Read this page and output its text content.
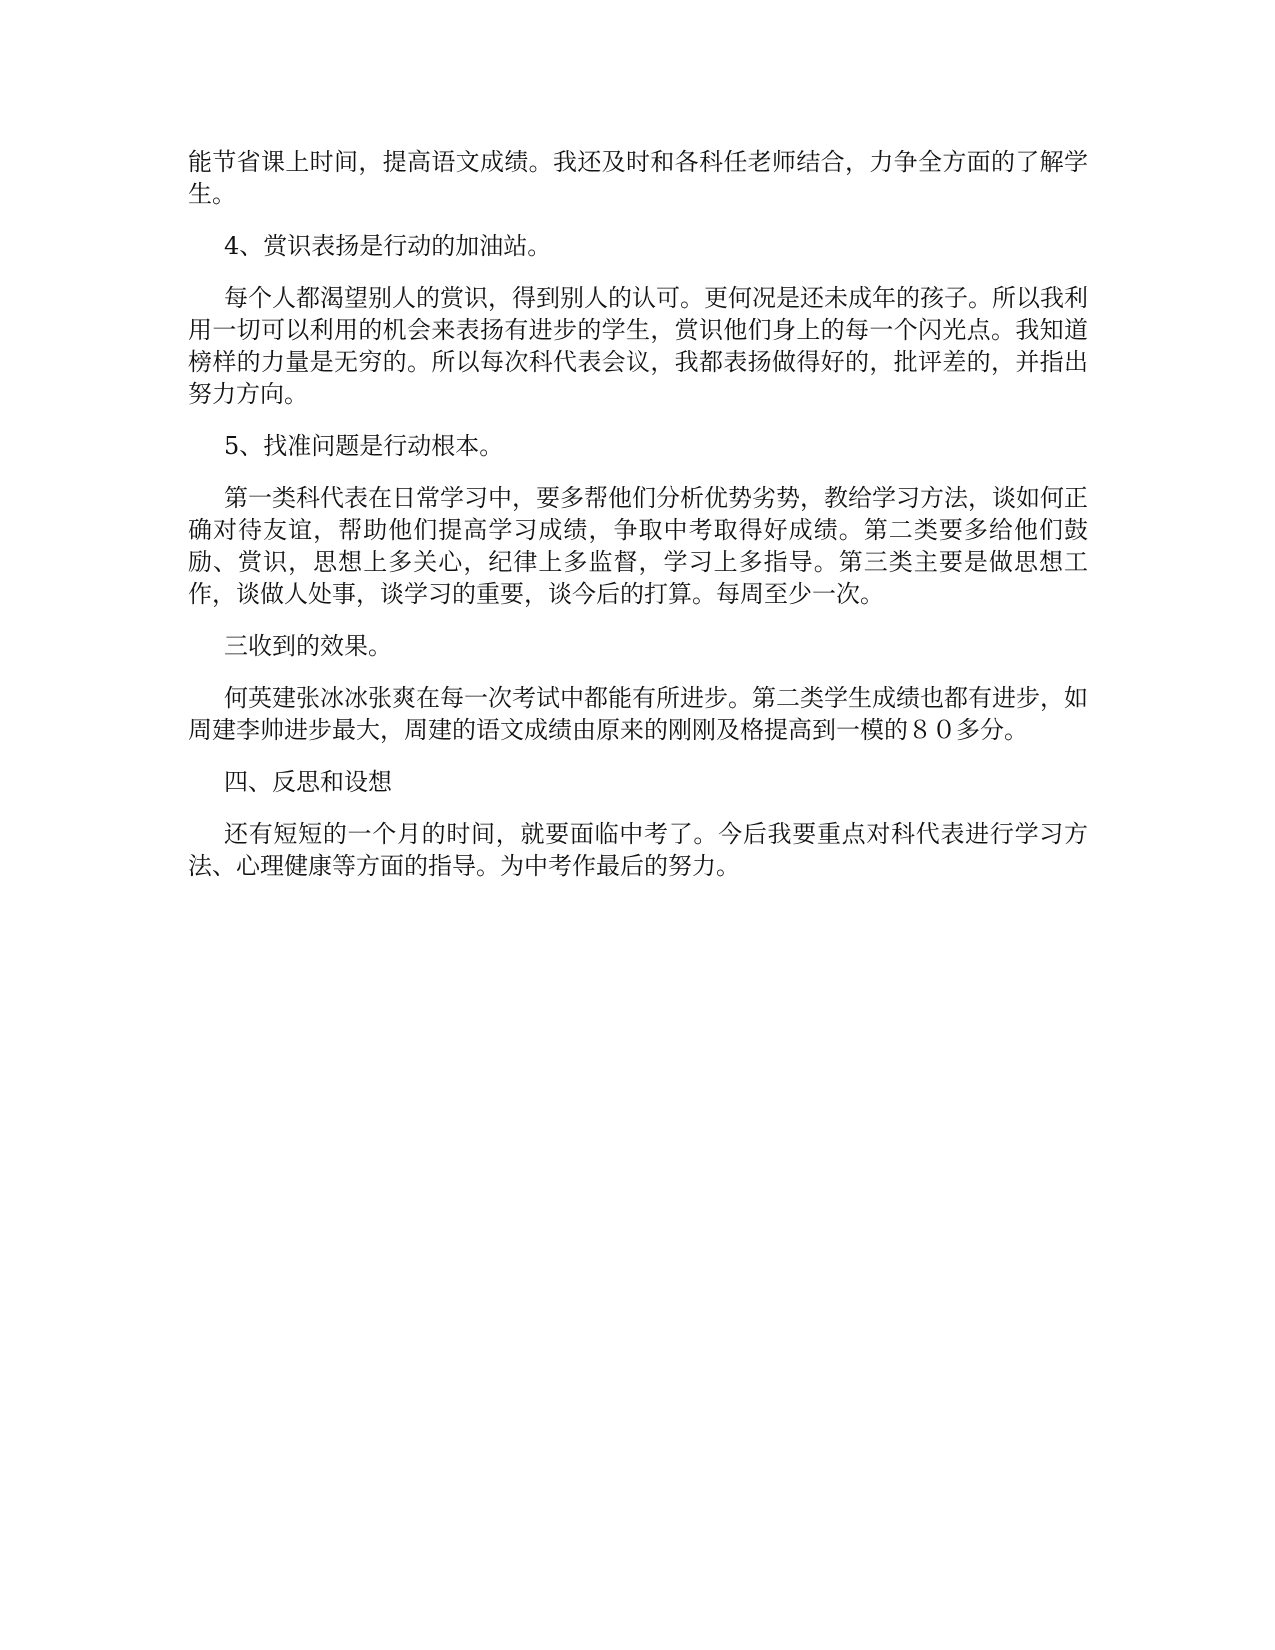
能节省课上时间，提高语文成绩。我还及时和各科任老师结合，力争全方面的了解学生。

4、赏识表扬是行动的加油站。

每个人都渴望别人的赏识，得到别人的认可。更何况是还未成年的孩子。所以我利用一切可以利用的机会来表扬有进步的学生，赏识他们身上的每一个闪光点。我知道榜样的力量是无穷的。所以每次科代表会议，我都表扬做得好的，批评差的，并指出努力方向。

5、找准问题是行动根本。

第一类科代表在日常学习中，要多帮他们分析优势劣势，教给学习方法，谈如何正确对待友谊，帮助他们提高学习成绩，争取中考取得好成绩。第二类要多给他们鼓励、赏识，思想上多关心，纪律上多监督，学习上多指导。第三类主要是做思想工作，谈做人处事，谈学习的重要，谈今后的打算。每周至少一次。

三收到的效果。

何英建张冰冰张爽在每一次考试中都能有所进步。第二类学生成绩也都有进步，如周建李帅进步最大，周建的语文成绩由原来的刚刚及格提高到一模的８０多分。

四、反思和设想

还有短短的一个月的时间，就要面临中考了。今后我要重点对科代表进行学习方法、心理健康等方面的指导。为中考作最后的努力。
